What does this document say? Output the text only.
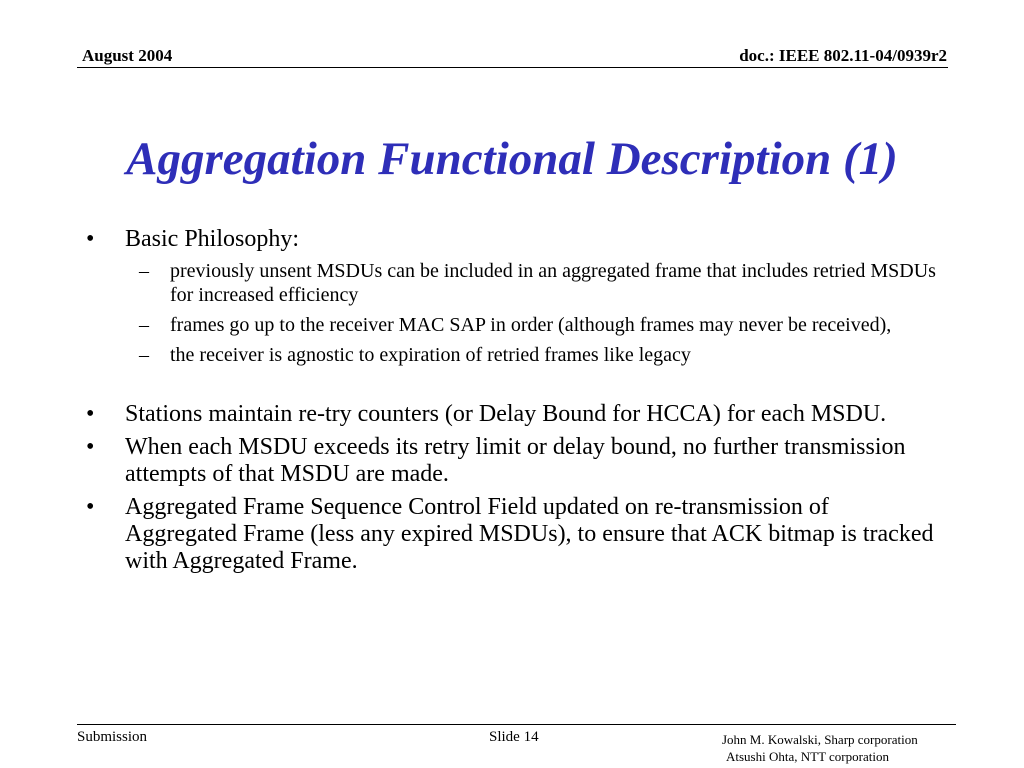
August 2004	doc.: IEEE 802.11-04/0939r2
Aggregation Functional Description (1)
• Basic Philosophy:
– previously unsent MSDUs can be included in an aggregated frame that includes retried MSDUs for increased efficiency
– frames go up to the receiver MAC SAP in order (although frames may never be received),
– the receiver is agnostic to expiration of retried frames like legacy
• Stations maintain re-try counters (or Delay Bound for HCCA) for each MSDU.
• When each MSDU exceeds its retry limit or delay bound, no further transmission attempts of that MSDU are made.
• Aggregated Frame Sequence Control Field updated on re-transmission of Aggregated Frame (less any expired MSDUs), to ensure that ACK bitmap is tracked with Aggregated Frame.
Submission	Slide 14	John M. Kowalski, Sharp corporation
Atsushi Ohta, NTT corporation
